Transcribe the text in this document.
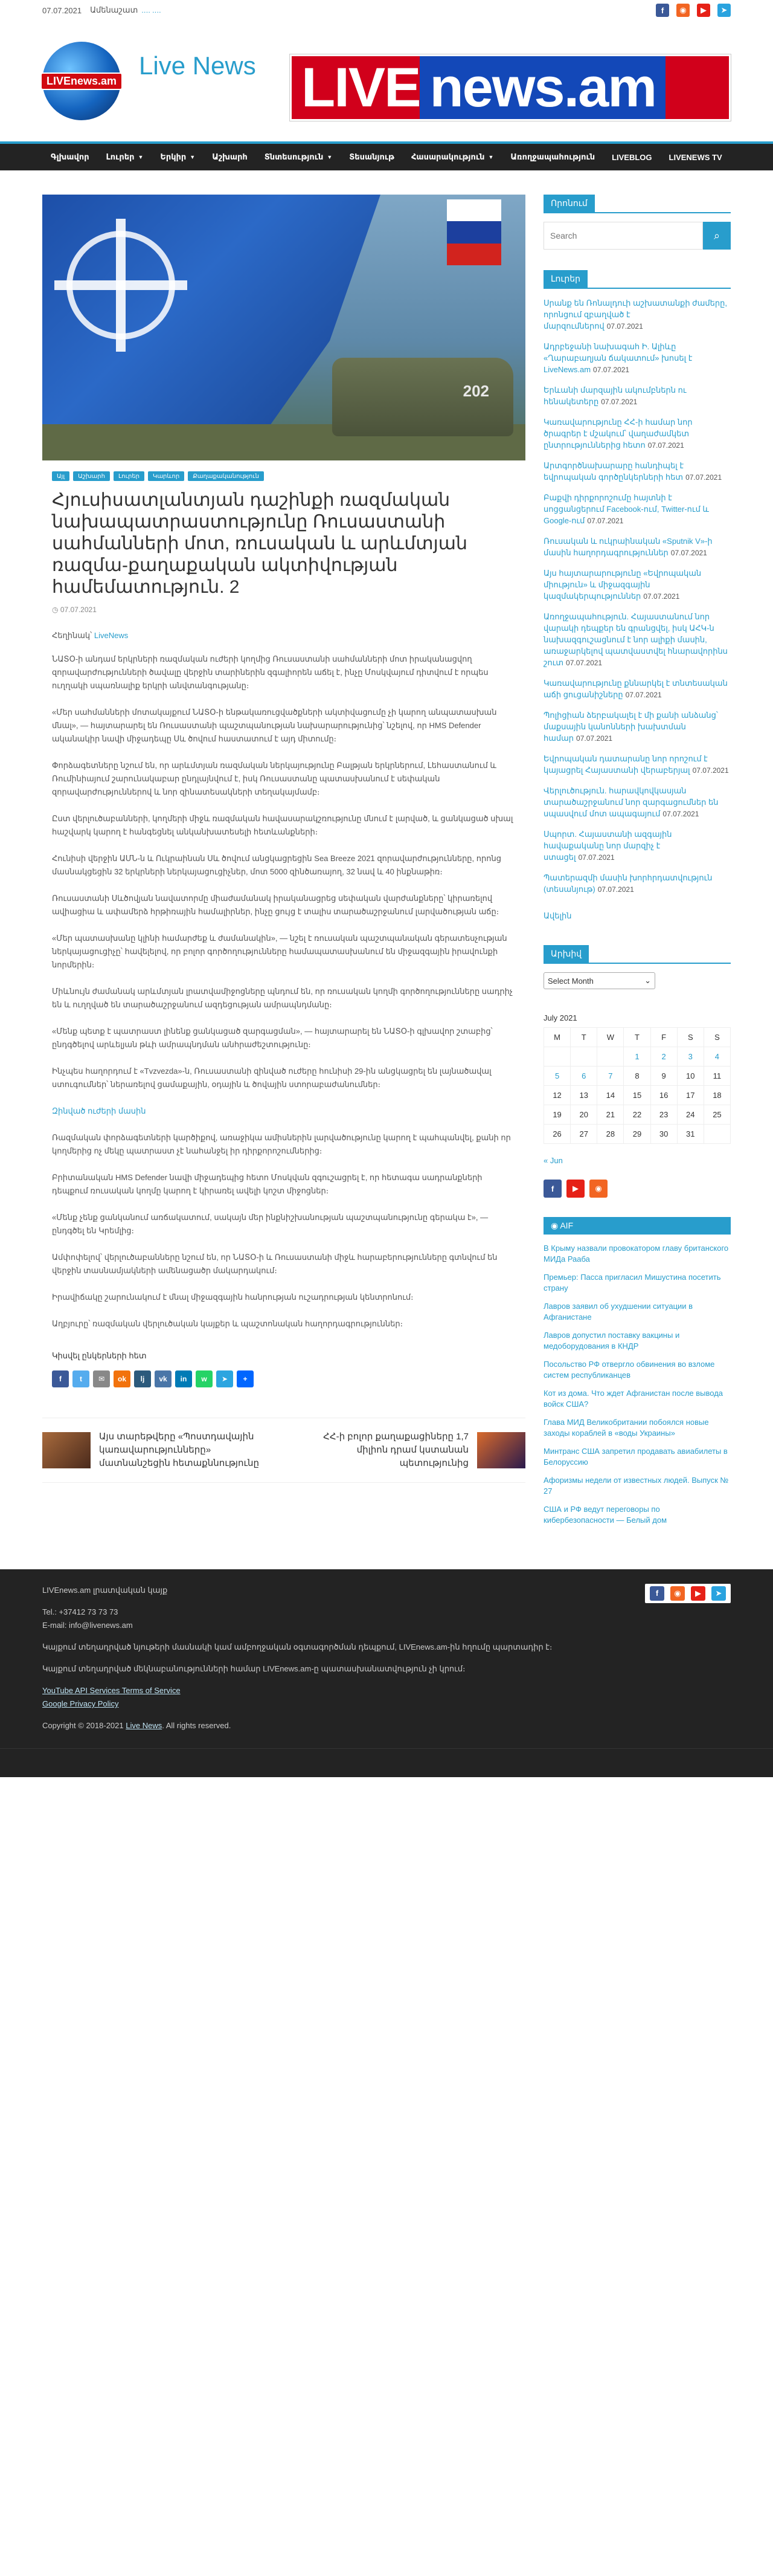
07.07.2021 Ամենաշատ ․․․․ ․․․․	f	◉	▶	➤
LIVEnews.am
Live News LIVE news.am
Գլխավոր Լուրեր ▼ Երկիր ▼ Աշխարհ Տնտեսություն ▼ Տեսանյութ Հասարակություն ▼ Առողջապահություն LIVEBLOG LIVENEWS TV
202
Այլ	Աշխարհ	Լուրեր	Կարևոր	Քաղաքականություն
Հյուսիսատլանտյան դաշինքի ռազմական նախապատրաստությունը Ռուսաստանի սահմանների մոտ, ռուսական և արևմտյան ռազմա-քաղաքական ակտիվության համեմատություն. 2
◷ 07.07.2021
Հեղինակ՝ LiveNews

ՆԱՏՕ-ի անդամ երկրների ռազմական ուժերի կողմից Ռուսաստանի սահմանների մոտ իրականացվող զորավարժությունների ծավալը վերջին տարիներին զգալիորեն աճել է, ինչը Մոսկվայում դիտվում է որպես ուղղակի սպառնալիք երկրի անվտանգությանը։

«Մեր սահմանների մոտակայքում ՆԱՏՕ-ի ենթակառուցվածքների ակտիվացումը չի կարող անպատասխան մնալ», — հայտարարել են Ռուսաստանի պաշտպանության նախարարությունից՝ նշելով, որ HMS Defender ականակիր նավի միջադեպը Սև ծովում հաստատում է այդ միտումը։

Փորձագետները նշում են, որ արևմտյան ռազմական ներկայությունը Բալթյան երկրներում, Լեհաստանում և Ռումինիայում շարունակաբար ընդլայնվում է, իսկ Ռուսաստանը պատասխանում է սեփական զորավարժություններով և նոր զինատեսակների տեղակայմամբ։

Ըստ վերլուծաբանների, կողմերի միջև ռազմական հավասարակշռությունը մնում է լարված, և ցանկացած սխալ հաշվարկ կարող է հանգեցնել անկանխատեսելի հետևանքների։

Հունիսի վերջին ԱՄՆ-ն և Ուկրաինան Սև ծովում անցկացրեցին Sea Breeze 2021 զորավարժությունները, որոնց մասնակցեցին 32 երկրների ներկայացուցիչներ, մոտ 5000 զինծառայող, 32 նավ և 40 ինքնաթիռ։

Ռուսաստանի Սևծովյան նավատորմը միաժամանակ իրականացրեց սեփական վարժանքները՝ կիրառելով ավիացիա և ափամերձ հրթիռային համալիրներ, ինչը ցույց է տալիս տարածաշրջանում լարվածության աճը։

«Մեր պատասխանը կլինի համարժեք և ժամանակին», — նշել է ռուսական պաշտպանական գերատեսչության ներկայացուցիչը՝ հավելելով, որ բոլոր գործողությունները համապատասխանում են միջազգային իրավունքի նորմերին։

Միևնույն ժամանակ արևմտյան լրատվամիջոցները պնդում են, որ ռուսական կողմի գործողությունները սադրիչ են և ուղղված են տարածաշրջանում ազդեցության ամրապնդմանը։

«Մենք պետք է պատրաստ լինենք ցանկացած զարգացման», — հայտարարել են ՆԱՏՕ-ի գլխավոր շտաբից՝ ընդգծելով արևելյան թևի ամրապնդման անհրաժեշտությունը։

Ինչպես հաղորդում է «Tvzvezda»-ն, Ռուսաստանի զինված ուժերը հունիսի 29-ին անցկացրել են լայնածավալ ստուգումներ՝ ներառելով ցամաքային, օդային և ծովային ստորաբաժանումներ։

Զինված ուժերի մասին

Ռազմական փորձագետների կարծիքով, առաջիկա ամիսներին լարվածությունը կարող է պահպանվել, քանի որ կողմերից ոչ մեկը պատրաստ չէ նահանջել իր դիրքորոշումներից։

Բրիտանական HMS Defender նավի միջադեպից հետո Մոսկվան զգուշացրել է, որ հետագա սադրանքների դեպքում ռուսական կողմը կարող է կիրառել ավելի կոշտ միջոցներ։

«Մենք չենք ցանկանում առճակատում, սակայն մեր ինքնիշխանության պաշտպանությունը գերակա է», — ընդգծել են Կրեմլից։

Ամփոփելով՝ վերլուծաբանները նշում են, որ ՆԱՏՕ-ի և Ռուսաստանի միջև հարաբերությունները գտնվում են վերջին տասնամյակների ամենացածր մակարդակում։

Իրավիճակը շարունակում է մնալ միջազգային հանրության ուշադրության կենտրոնում։

Աղբյուրը՝ ռազմական վերլուծական կայքեր և պաշտոնական հաղորդագրություններ։

Կիսվել ընկերների հետ
f	t	✉	ok	lj	vk	in	w	➤	+
Այս տարեթվերը «Պոստդավային կառավարությունները» մատնանշեցին հետաքննությունը
ՀՀ-ի բոլոր քաղաքացիները 1,7 միլիոն դրամ կստանան պետությունից
Որոնում
Search
⌕
Լուրեր
Սրանք են Ռոնալդուի աշխատանքի ժամերը, որոնցում զբաղված է մարզումներով 07.07.2021
Ադրբեջանի նախագահ Ի. Ալիևը «Ղարաբաղյան ճակատում» խոսել է LiveNews.am 07.07.2021
Երևանի մարզային ակումբներն ու հենակետերը 07.07.2021
Կառավարությունը ՀՀ-ի համար նոր ծրագրեր է մշակում՝ վաղաժամկետ ընտրություններից հետո 07.07.2021
Արտգործնախարարը հանդիպել է եվրոպական գործընկերների հետ 07.07.2021
Բաքվի դիրքորոշումը հայտնի է սոցցանցերում Facebook-ում, Twitter-ում և Google-ում 07.07.2021
Ռուսական և ուկրաինական «Sputnik V»-ի մասին հաղորդագրություններ 07.07.2021
Այս հայտարարությունը «Եվրոպական միություն» և միջազգային կազմակերպություններ 07.07.2021
Առողջապահություն. Հայաստանում նոր վարակի դեպքեր են գրանցվել, իսկ ԱՀԿ-ն նախազգուշացնում է նոր ալիքի մասին, առաջարկելով պատվաստվել հնարավորինս շուտ 07.07.2021
Կառավարությունը քննարկել է տնտեսական աճի ցուցանիշները 07.07.2021
Պոլիցիան ձերբակալել է մի քանի անձանց՝ մաքսային կանոնների խախտման համար 07.07.2021
Եվրոպական դատարանը նոր որոշում է կայացրել Հայաստանի վերաբերյալ 07.07.2021
Վերլուծություն. հարավկովկասյան տարածաշրջանում նոր զարգացումներ են սպասվում մոտ ապագայում 07.07.2021
Սպորտ. Հայաստանի ազգային հավաքականը նոր մարզիչ է ստացել 07.07.2021
Պատերազմի մասին խորհրդատվություն (տեսանյութ) 07.07.2021
Ավելին
Արխիվ
Select Month	⌄
July 2021
M	T	W	T	F	S	S
			1	2	3	4
5	6	7	8	9	10	11
12	13	14	15	16	17	18
19	20	21	22	23	24	25
26	27	28	29	30	31	
« Jun
f	▶	◉
◉ AIF
В Крыму назвали провокатором главу британского МИДа Рааба
Премьер: Пасса пригласил Мишустина посетить страну
Лавров заявил об ухудшении ситуации в Афганистане
Лавров допустил поставку вакцины и медоборудования в КНДР
Посольство РФ отвергло обвинения во взломе систем республиканцев
Кот из дома. Что ждет Афганистан после вывода войск США?
Глава МИД Великобритании побоялся новые заходы кораблей в «воды Украины»
Минтранс США запретил продавать авиабилеты в Белоруссию
Афоризмы недели от известных людей. Выпуск № 27
США и РФ ведут переговоры по кибербезопасности — Белый дом
f	◉	▶	➤
LIVEnews.am լրատվական կայք
Tel.: +37412 73 73 73
E-mail: info@livenews.am
Կայքում տեղադրված նյութերի մասնակի կամ ամբողջական օգտագործման դեպքում, LIVEnews.am-ին հղումը պարտադիր է։
Կայքում տեղադրված մեկնաբանությունների համար LIVEnews.am-ը պատասխանատվություն չի կրում։
YouTube API Services Terms of Service
Google Privacy Policy
Copyright © 2018-2021 Live News. All rights reserved.
